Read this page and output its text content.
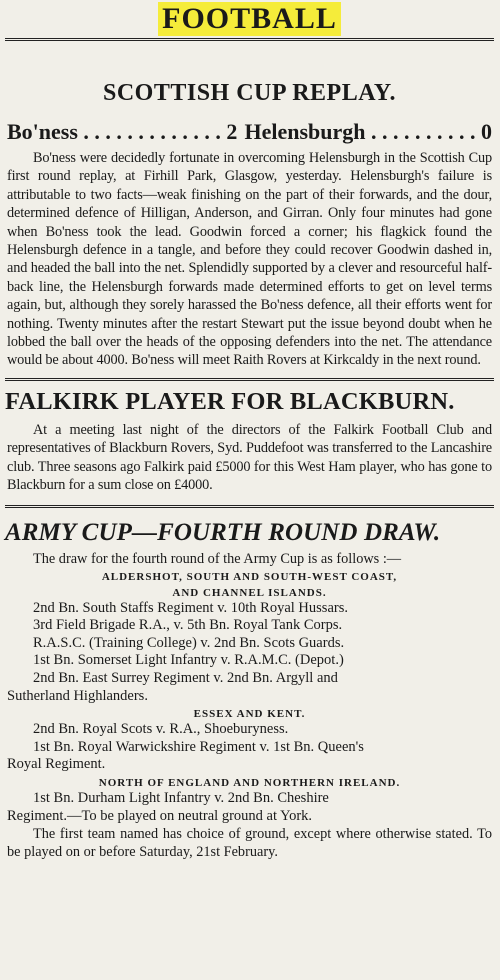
FOOTBALL
SCOTTISH CUP REPLAY.
Bo'ness . . . . . . . . . . . . . 2 Helensburgh . . . . . . . . . . 0

Bo'ness were decidedly fortunate in overcoming Helensburgh in the Scottish Cup first round replay, at Firhill Park, Glasgow, yesterday. Helensburgh's failure is attributable to two facts—weak finishing on the part of their forwards, and the dour, determined defence of Hilligan, Anderson, and Girran. Only four minutes had gone when Bo'ness took the lead. Goodwin forced a corner; his flagkick found the Helensburgh defence in a tangle, and before they could recover Goodwin dashed in, and headed the ball into the net. Splendidly supported by a clever and resourceful half-back line, the Helensburgh forwards made determined efforts to get on level terms again, but, although they sorely harassed the Bo'ness defence, all their efforts went for nothing. Twenty minutes after the restart Stewart put the issue beyond doubt when he lobbed the ball over the heads of the opposing defenders into the net. The attendance would be about 4000. Bo'ness will meet Raith Rovers at Kirkcaldy in the next round.

FALKIRK PLAYER FOR BLACKBURN.

At a meeting last night of the directors of the Falkirk Football Club and representatives of Blackburn Rovers, Syd. Puddefoot was transferred to the Lancashire club. Three seasons ago Falkirk paid £5000 for this West Ham player, who has gone to Blackburn for a sum close on £4000.

ARMY CUP—FOURTH ROUND DRAW.

The draw for the fourth round of the Army Cup is as follows :—

ALDERSHOT, SOUTH AND SOUTH-WEST COAST,
AND CHANNEL ISLANDS.
2nd Bn. South Staffs Regiment v. 10th Royal Hussars.
3rd Field Brigade R.A., v. 5th Bn. Royal Tank Corps.
R.A.S.C. (Training College) v. 2nd Bn. Scots Guards.
1st Bn. Somerset Light Infantry v. R.A.M.C. (Depot.)
2nd Bn. East Surrey Regiment v. 2nd Bn. Argyll and
Sutherland Highlanders.
ESSEX AND KENT.
2nd Bn. Royal Scots v. R.A., Shoeburyness.
1st Bn. Royal Warwickshire Regiment v. 1st Bn. Queen's
Royal Regiment.
NORTH OF ENGLAND AND NORTHERN IRELAND.
1st Bn. Durham Light Infantry v. 2nd Bn. Cheshire
Regiment.—To be played on neutral ground at York.

The first team named has choice of ground, except where otherwise stated. To be played on or before Saturday, 21st February.
